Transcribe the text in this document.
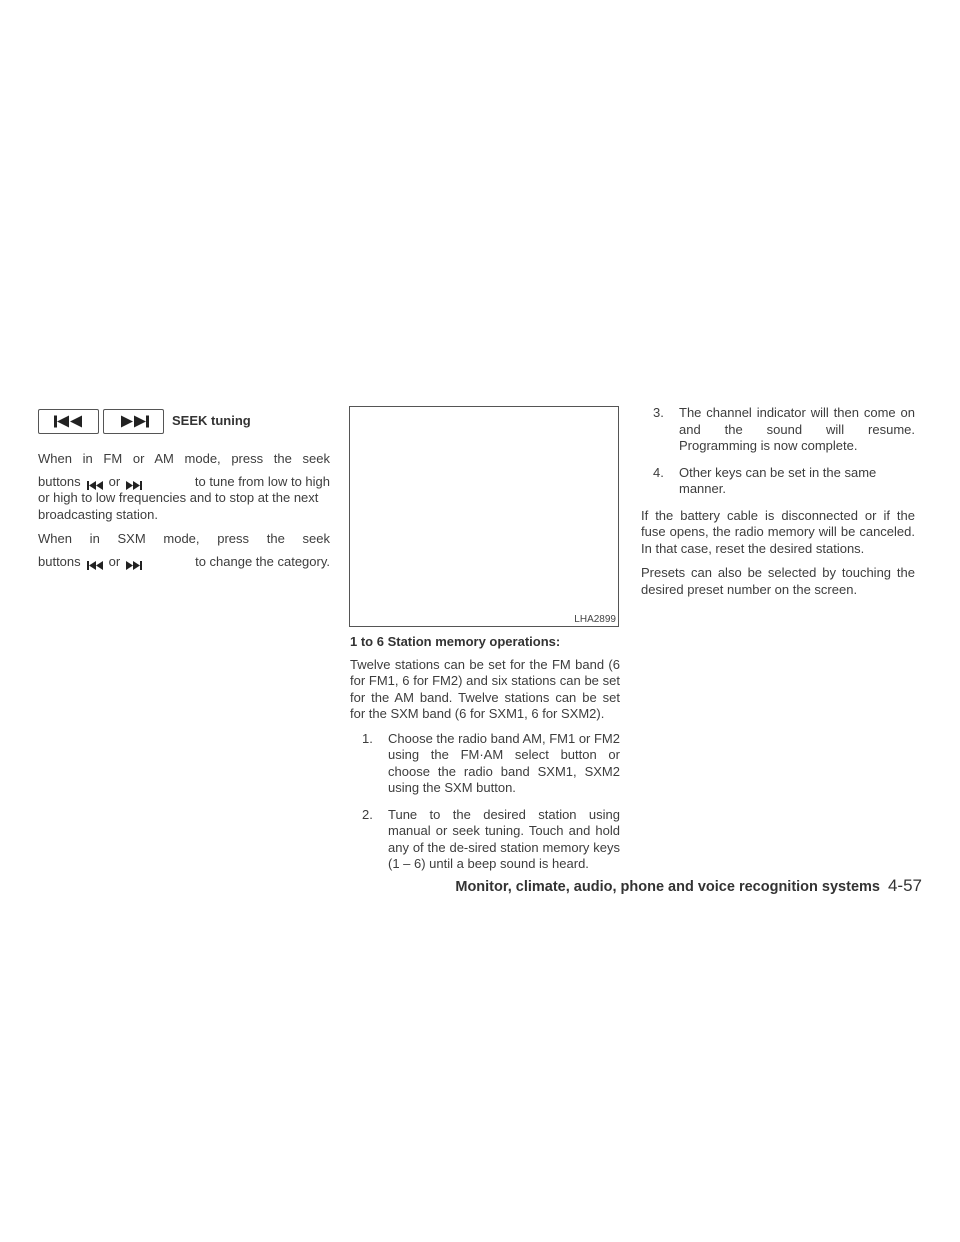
SEEK tuning

When in FM or AM mode, press the seek

buttons or	to tune from low to high

or high to low frequencies and to stop at the next broadcasting station.

When in SXM mode, press the seek

buttons or	to change the category.
LHA2899

1 to 6 Station memory operations:

Twelve stations can be set for the FM band (6 for FM1, 6 for FM2) and six stations can be set for the AM band. Twelve stations can be set for the SXM band (6 for SXM1, 6 for SXM2).

1. Choose the radio band AM, FM1 or FM2 using the FM·AM select button or choose the radio band SXM1, SXM2 using the SXM button.
2. Tune to the desired station using manual or seek tuning. Touch and hold any of the de-sired station memory keys (1 – 6) until a beep sound is heard.
3. The channel indicator will then come on and the sound will resume. Programming is now complete.
4. Other keys can be set in the same manner.

If the battery cable is disconnected or if the fuse opens, the radio memory will be canceled. In that case, reset the desired stations.

Presets can also be selected by touching the desired preset number on the screen.

Monitor, climate, audio, phone and voice recognition systems 4-57
